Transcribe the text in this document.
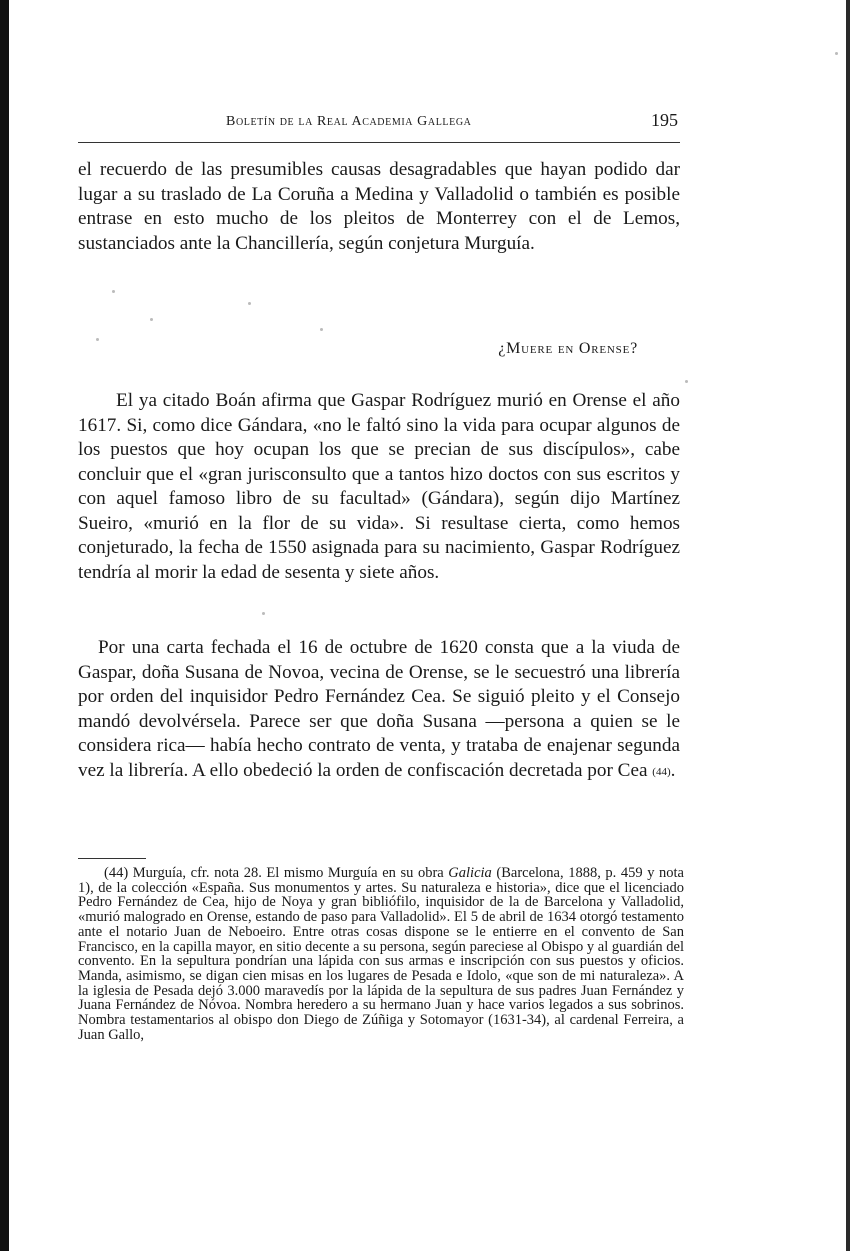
Boletín de la Real Academia Gallega	195

el recuerdo de las presumibles causas desagradables que hayan podido dar lugar a su traslado de La Coruña a Medina y Valladolid o también es posible entrase en esto mucho de los pleitos de Monterrey con el de Lemos, sustanciados ante la Chancillería, según conjetura Murguía.

¿Muere en Orense?

El ya citado Boán afirma que Gaspar Rodríguez murió en Orense el año 1617. Si, como dice Gándara, «no le faltó sino la vida para ocupar algunos de los puestos que hoy ocupan los que se precian de sus discípulos», cabe concluir que el «gran jurisconsulto que a tantos hizo doctos con sus escritos y con aquel famoso libro de su facultad» (Gándara), según dijo Martínez Sueiro, «murió en la flor de su vida». Si resultase cierta, como hemos conjeturado, la fecha de 1550 asignada para su nacimiento, Gaspar Rodríguez tendría al morir la edad de sesenta y siete años.

Por una carta fechada el 16 de octubre de 1620 consta que a la viuda de Gaspar, doña Susana de Novoa, vecina de Orense, se le secuestró una librería por orden del inquisidor Pedro Fernández Cea. Se siguió pleito y el Consejo mandó devolvérsela. Parece ser que doña Susana —persona a quien se le considera rica— había hecho contrato de venta, y trataba de enajenar segunda vez la librería. A ello obedeció la orden de confiscación decretada por Cea (44).

(44) Murguía, cfr. nota 28. El mismo Murguía en su obra Galicia (Barcelona, 1888, p. 459 y nota 1), de la colección «España. Sus monumentos y artes. Su naturaleza e historia», dice que el licenciado Pedro Fernández de Cea, hijo de Noya y gran bibliófilo, inquisidor de la de Barcelona y Valladolid, «murió malogrado en Orense, estando de paso para Valladolid». El 5 de abril de 1634 otorgó testamento ante el notario Juan de Neboeiro. Entre otras cosas dispone se le entierre en el convento de San Francisco, en la capilla mayor, en sitio decente a su persona, según pareciese al Obispo y al guardián del convento. En la sepultura pondrían una lápida con sus armas e inscripción con sus puestos y oficios. Manda, asimismo, se digan cien misas en los lugares de Pesada e Idolo, «que son de mi naturaleza». A la iglesia de Pesada dejó 3.000 maravedís por la lápida de la sepultura de sus padres Juan Fernández y Juana Fernández de Nóvoa. Nombra heredero a su hermano Juan y hace varios legados a sus sobrinos. Nombra testamentarios al obispo don Diego de Zúñiga y Sotomayor (1631-34), al cardenal Ferreira, a Juan Gallo,
